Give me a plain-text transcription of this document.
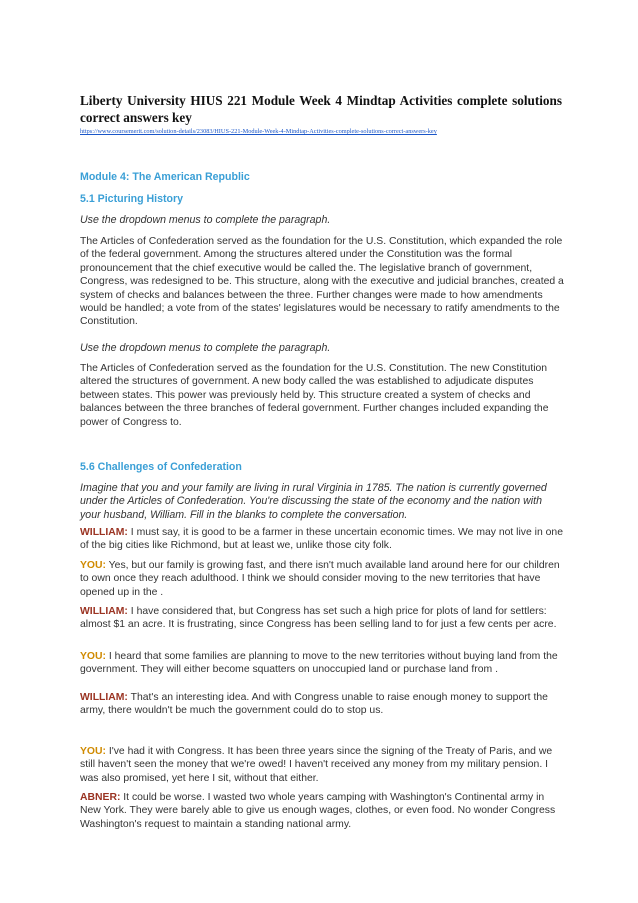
Liberty University HIUS 221 Module Week 4 Mindtap Activities complete solutions correct answers key
https://www.coursemerit.com/solution-details/23083/HIUS-221-Module-Week-4-Mindtap-Activities-complete-solutions-correct-answers-key
Module 4: The American Republic
5.1 Picturing History
Use the dropdown menus to complete the paragraph.
The Articles of Confederation served as the foundation for the U.S. Constitution, which expanded the role of the federal government. Among the structures altered under the Constitution was the formal pronouncement that the chief executive would be called the. The legislative branch of government, Congress, was redesigned to be. This structure, along with the executive and judicial branches, created a system of checks and balances between the three. Further changes were made to how amendments would be handled; a vote from of the states' legislatures would be necessary to ratify amendments to the Constitution.
Use the dropdown menus to complete the paragraph.
The Articles of Confederation served as the foundation for the U.S. Constitution. The new Constitution altered the structures of government. A new body called the was established to adjudicate disputes between states. This power was previously held by. This structure created a system of checks and balances between the three branches of federal government. Further changes included expanding the power of Congress to.
5.6 Challenges of Confederation
Imagine that you and your family are living in rural Virginia in 1785. The nation is currently governed under the Articles of Confederation. You're discussing the state of the economy and the nation with your husband, William. Fill in the blanks to complete the conversation.
WILLIAM: I must say, it is good to be a farmer in these uncertain economic times. We may not live in one of the big cities like Richmond, but at least we, unlike those city folk.
YOU: Yes, but our family is growing fast, and there isn't much available land around here for our children to own once they reach adulthood. I think we should consider moving to the new territories that have opened up in the .
WILLIAM: I have considered that, but Congress has set such a high price for plots of land for settlers: almost $1 an acre. It is frustrating, since Congress has been selling land to for just a few cents per acre.
YOU: I heard that some families are planning to move to the new territories without buying land from the government. They will either become squatters on unoccupied land or purchase land from .
WILLIAM: That's an interesting idea. And with Congress unable to raise enough money to support the army, there wouldn't be much the government could do to stop us.
YOU: I've had it with Congress. It has been three years since the signing of the Treaty of Paris, and we still haven't seen the money that we're owed! I haven't received any money from my military pension. I was also promised, yet here I sit, without that either.
ABNER: It could be worse. I wasted two whole years camping with Washington's Continental army in New York. They were barely able to give us enough wages, clothes, or even food. No wonder Congress Washington's request to maintain a standing national army.
